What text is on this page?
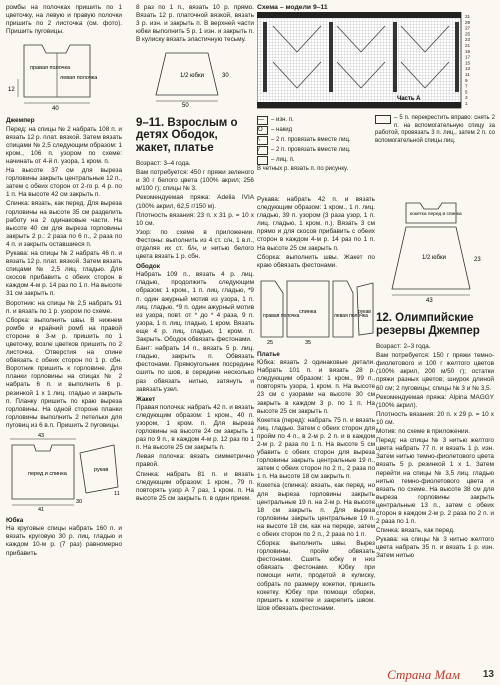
ромбы на полочках пришить по 1 цветочку, на левую и правую полочки пришить по 2 листочка (см. фото). Пришить пуговицы.

правая полочка
левая полочка
40
12
Джемпер

Перед: на спицы № 2 набрать 108 п. и вязать 12 р. плат. вязкой. Затем вязать спицами № 2,5 следующим образом: 1 кром., 106 п. узором по схеме: начинать от 4-й п. узора, 1 кром. п.

На высоте 37 см для выреза горловины закрыть центральные 12 п., затем с обеих сторон от 2-го р. 4 р. по 1 п. На высоте 42 см закрыть п.

Спинка: вязать, как перед. Для выреза горловины на высоте 35 см разделить работу на 2 одинаковые части. На высоте 40 см для выреза горловины закрыть 2 р.: 2 раза по 6 п., 2 раза по 4 п. и закрыть оставшиеся п.

Рукава: на спицы № 2 набрать 46 п. и вязать 12 р. плат. вязкой. Затем вязать спицами № 2,5 лиц. гладью. Для скосов прибавить с обеих сторон в каждом 4-м р. 14 раз по 1 п. На высоте 31 см закрыть п.

Воротник: на спицы № 2,5 набрать 91 п. и вязать по 1 р. узором по схеме.

Сборка: выполнить швы. В нижнем ромбе и крайний ромб на правой стороне в 3-м р. пришить по 1 цветочку, возле цветков пришить по 2 листочка. Отверстия на спине обвязать с обеих сторон по 1 р. сбн. Воротник пришить к горловине. Для планки горловины на спицах № 2 набрать 6 п. и выполнить 6 р. резинкой 1 x 1 лиц. гладью и закрыть п. Планку пришить по краю выреза горловины. На одной стороне планки горловины выполнить 2 петельки для пуговиц из 6 в.п. Пришить 2 пуговицы.

43
перед и спинка
рукав
41
30
11
Юбка

На круговые спицы набрать 160 п. и вязать круговую 30 р. лиц. гладью и каждом 10-м р. (7 раз) равномерно прибавить

8 раз по 1 п., вязать 10 р. прямо. Вязать 12 р. платочной вязкой, вязать 3 р. изн. и закрыть п. В верхней части юбки выполнить 5 р. 1 изн. и закрыть п. В кулиску вязать эластичную тесьму.

1/2 юбки
50
30
9–11. Взрослым о детях Ободок, жакет, платье

Возраст: 3–4 года.

Вам потребуется: 450 г пряжи зеленого и 30 г белого цвета (100% акрил; 256 м/100 г); спицы № 3.

Рекомендуемая пряжа: Adelia IVIA (100% акрил, 62,5 г/150 м).

Плотность вязания: 23 п. x 31 р. = 10 x 10 см.

Узор: по схеме в приложении. Фестоны: выполнить из 4 ст. с/н, 1 в.п., отделяя их ст. б/н, и нитью белого цвета вязать 1 р. сбн.

Ободок

Набрать 109 п., вязать 4 р. лиц. гладью, продолжить следующим образом: 1 кром., 1 п. лиц. гладью, *9 п. один ажурный мотив из узора, 1 п. лиц. гладью, *9 п. один ажурный мотив из узора, повт. от * до * 4 раза, 9 п. узора, 1 п. лиц. гладью, 1 кром. Вязать еще 4 р. лиц. гладью, 1 кром. п. Закрыть. Ободок обвязать фестонами.

Бант: набрать 14 п., вязать 5 р. лиц. гладью, закрыть п. Обвязать фестонами. Прямоугольник посредине сшить по шов, в середине несколько раз обвязать нитью, затянуть и завязать узел.

Жакет

Правая полочка: набрать 42 п. и вязать следующим образом: 1 кром., 40 п. узором, 1 кром. п. Для выреза горловины на высоте 24 см закрыть 1 раз по 9 п., в каждом 4-м р. 12 раз по 1 п. На высоте 25 см закрыть п.

Левая полочка: вязать симметрично правой.

Спинка: набрать 81 п. и вязать следующим образом: 1 кром., 79 п. повторять узор А 7 раз, 1 кром. п. На высоте 25 см закрыть п. в один прием.

Схема – модели 9–11
Часть А
31
29
27
25
23
21
19
17
15
13
11
9
7
5
3
1
—	– изн. п.
O	– накид
\	– 2 п. провязать вместе лиц.
/	– 2 п. провязать вместе лиц.
– лиц. п.
В четных р. вязать п. по рисунку.
– 5 п. перекрестить вправо: снять 2 п. на вспомогательную спицу за работой, провязать 3 п. лиц., затем 2 п. со вспомогательной спицы лиц.

Рукава: набрать 42 п. и вязать следующим образом: 1 кром., 1 п. лиц. гладью, 39 п. узором (3 раза узор, 1 п. лиц. гладью, 1 кром. п.). Вязать 3 см прямо и для скосов прибавить с обеих сторон в каждом 4-м р. 14 раз по 1 п. На высоте 25 см закрыть п.

Сборка: выполнить швы. Жакет по краю обвязать фестонами.

правая полочка
спинка
левая полочка
рукав
25	35
Платье

Юбка: вязать 2 одинаковые детали. Набрать 101 п. и вязать 28 р. следующим образом: 1 кром., 99 п., повторять узора, 1 кром. п. На высоте 23 см с узорами на высоте 30 см закрыть в каждом 3 р. по 1 п. На высоте 25 см закрыть п.

Кокетка (перед): набрать 75 п. и вязать лиц. гладью. Затем с обеих сторон для пройм по 4 п., в 2-м р. 2 п. и в каждом 2-м р. 2 раза по 1 п. На высоте 5 см убавить с обеих сторон для выреза горловины закрыть центральные 19 п., затем с обеих сторон по 2 п., 2 раза по 1 п. На высоте 18 см закрыть п.

Кокетка (спинка): вязать, как перед, но для выреза горловины закрыть центральные 19 п. на 2-м р. На высоте 18 см закрыть п. Для выреза горловины закрыть центральные 19 п. на высоте 18 см, как на переде, затем с обеих сторон по 2 п., 2 раза по 1 п.

Сборка: выполнить швы. Вырез горловины, пройм обвязать фестонами. Сшить юбку и низ обвязать фестонами. Юбку при помощи нити, продетой в кулиску, собрать по размеру кокетки, пришить кокетку. Юбку при помощи сборки, пришить к кокетке и закрепить швом. Шов обвязать фестонами.

кокетка перед и спинка
1/2 юбки
43
23
12. Олимпийские резервы Джемпер

Возраст: 2–3 года.

Вам потребуется: 150 г пряжи темно-фиолетового и 100 г желтого цветов (100% акрил, 200 м/50 г); остатки пряжи разных цветов; шнурок длиной 60 см; 2 пуговицы; спицы № 3 и № 3,5.

Рекомендуемая пряжа: Alpina MAGGY (100% акрил).

Плотность вязания: 20 п. x 29 р. = 10 x 10 см.

Мотив: по схеме в приложении.

Перед: на спицы № 3 нитью желтого цвета набрать 77 п. и вязать 1 р. изн. Затем нитью темно-фиолетового цвета вязать 5 р. резинкой 1 x 1. Затем перейти на спицы № 3,5 лиц. гладью нитью темно-фиолетового цвета и вязать по схеме. На высоте 38 см для выреза горловины закрыть центральные 13 п., затем с обеих сторон в каждом 2-м р. 2 раза по 2 п. и 2 раза по 1 п.

Спинка: вязать, как перед.

Рукава: на спицы № 3 нитью желтого цвета набрать 35 п. и вязать 1 р. изн. Затем нитью

Страна Мам 13
